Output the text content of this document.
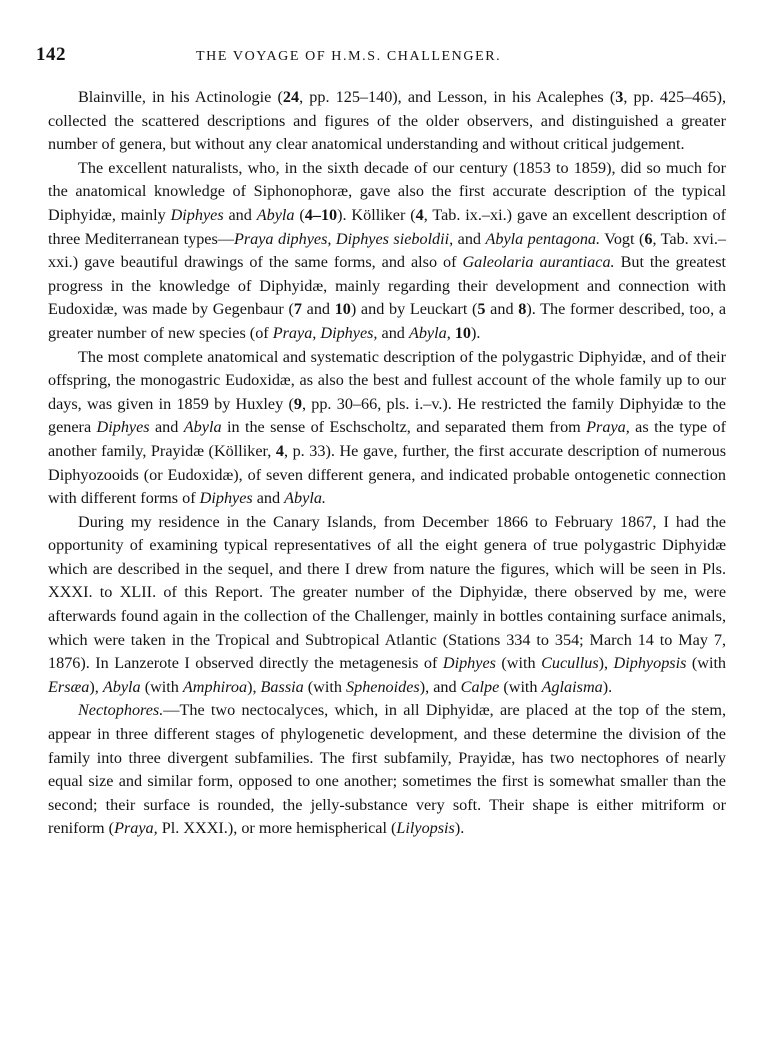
142	THE VOYAGE OF H.M.S. CHALLENGER.

Blainville, in his Actinologie (24, pp. 125–140), and Lesson, in his Acalephes (3, pp. 425–465), collected the scattered descriptions and figures of the older observers, and distinguished a greater number of genera, but without any clear anatomical understanding and without critical judgement.

The excellent naturalists, who, in the sixth decade of our century (1853 to 1859), did so much for the anatomical knowledge of Siphonophoræ, gave also the first accurate description of the typical Diphyidæ, mainly Diphyes and Abyla (4–10). Kölliker (4, Tab. ix.–xi.) gave an excellent description of three Mediterranean types—Praya diphyes, Diphyes sieboldii, and Abyla pentagona. Vogt (6, Tab. xvi.–xxi.) gave beautiful drawings of the same forms, and also of Galeolaria aurantiaca. But the greatest progress in the knowledge of Diphyidæ, mainly regarding their development and connection with Eudoxidæ, was made by Gegenbaur (7 and 10) and by Leuckart (5 and 8). The former described, too, a greater number of new species (of Praya, Diphyes, and Abyla, 10).

The most complete anatomical and systematic description of the polygastric Diphyidæ, and of their offspring, the monogastric Eudoxidæ, as also the best and fullest account of the whole family up to our days, was given in 1859 by Huxley (9, pp. 30–66, pls. i.–v.). He restricted the family Diphyidæ to the genera Diphyes and Abyla in the sense of Eschscholtz, and separated them from Praya, as the type of another family, Prayidæ (Kölliker, 4, p. 33). He gave, further, the first accurate description of numerous Diphyozooids (or Eudoxidæ), of seven different genera, and indicated probable ontogenetic connection with different forms of Diphyes and Abyla.

During my residence in the Canary Islands, from December 1866 to February 1867, I had the opportunity of examining typical representatives of all the eight genera of true polygastric Diphyidæ which are described in the sequel, and there I drew from nature the figures, which will be seen in Pls. XXXI. to XLII. of this Report. The greater number of the Diphyidæ, there observed by me, were afterwards found again in the collection of the Challenger, mainly in bottles containing surface animals, which were taken in the Tropical and Subtropical Atlantic (Stations 334 to 354; March 14 to May 7, 1876). In Lanzerote I observed directly the metagenesis of Diphyes (with Cucullus), Diphyopsis (with Ersæa), Abyla (with Amphiroa), Bassia (with Sphenoides), and Calpe (with Aglaisma).

Nectophores.—The two nectocalyces, which, in all Diphyidæ, are placed at the top of the stem, appear in three different stages of phylogenetic development, and these determine the division of the family into three divergent subfamilies. The first subfamily, Prayidæ, has two nectophores of nearly equal size and similar form, opposed to one another; sometimes the first is somewhat smaller than the second; their surface is rounded, the jelly-substance very soft. Their shape is either mitriform or reniform (Praya, Pl. XXXI.), or more hemispherical (Lilyopsis).
